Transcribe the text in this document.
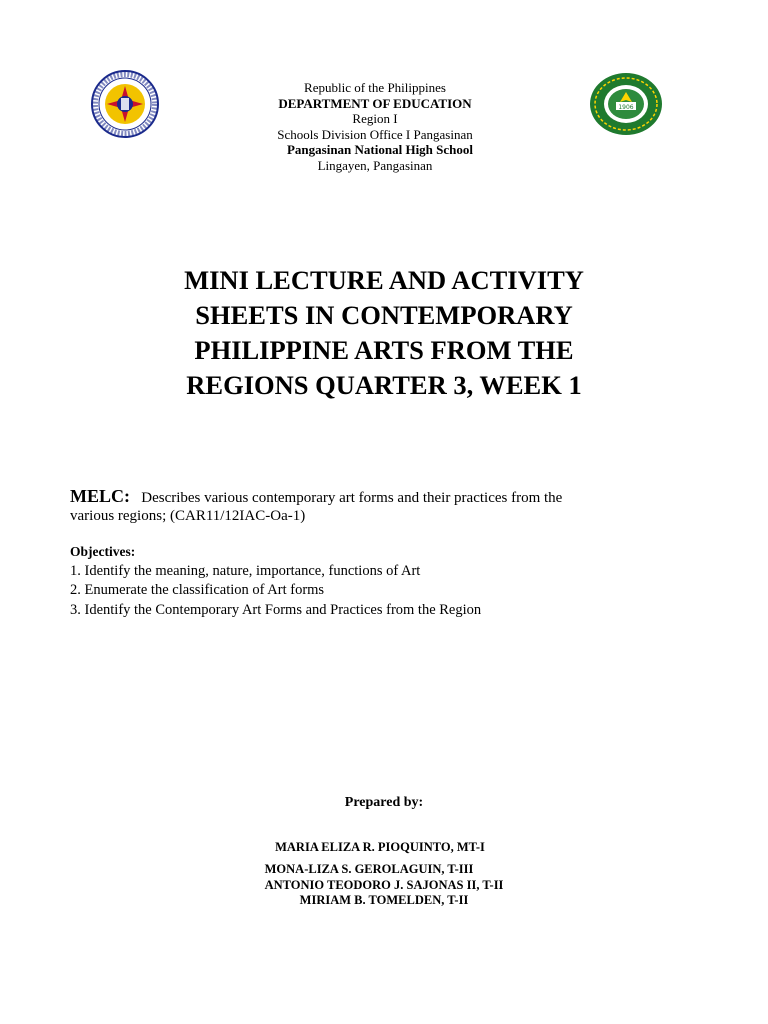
1906
Republic of the Philippines
DEPARTMENT OF EDUCATION
Region I
Schools Division Office I Pangasinan
Pangasinan National High School
Lingayen, Pangasinan
MINI LECTURE AND ACTIVITY
SHEETS IN CONTEMPORARY
PHILIPPINE ARTS FROM THE
REGIONS QUARTER 3, WEEK 1
MELC: Describes various contemporary art forms and their practices from the
various regions; (CAR11/12IAC-Oa-1)
Objectives:
1. Identify the meaning, nature, importance, functions of Art
2. Enumerate the classification of Art forms
3. Identify the Contemporary Art Forms and Practices from the Region
Prepared by:
MARIA ELIZA R. PIOQUINTO, MT-I
MONA-LIZA S. GEROLAGUIN, T-III
ANTONIO TEODORO J. SAJONAS II, T-II
MIRIAM B. TOMELDEN, T-II
